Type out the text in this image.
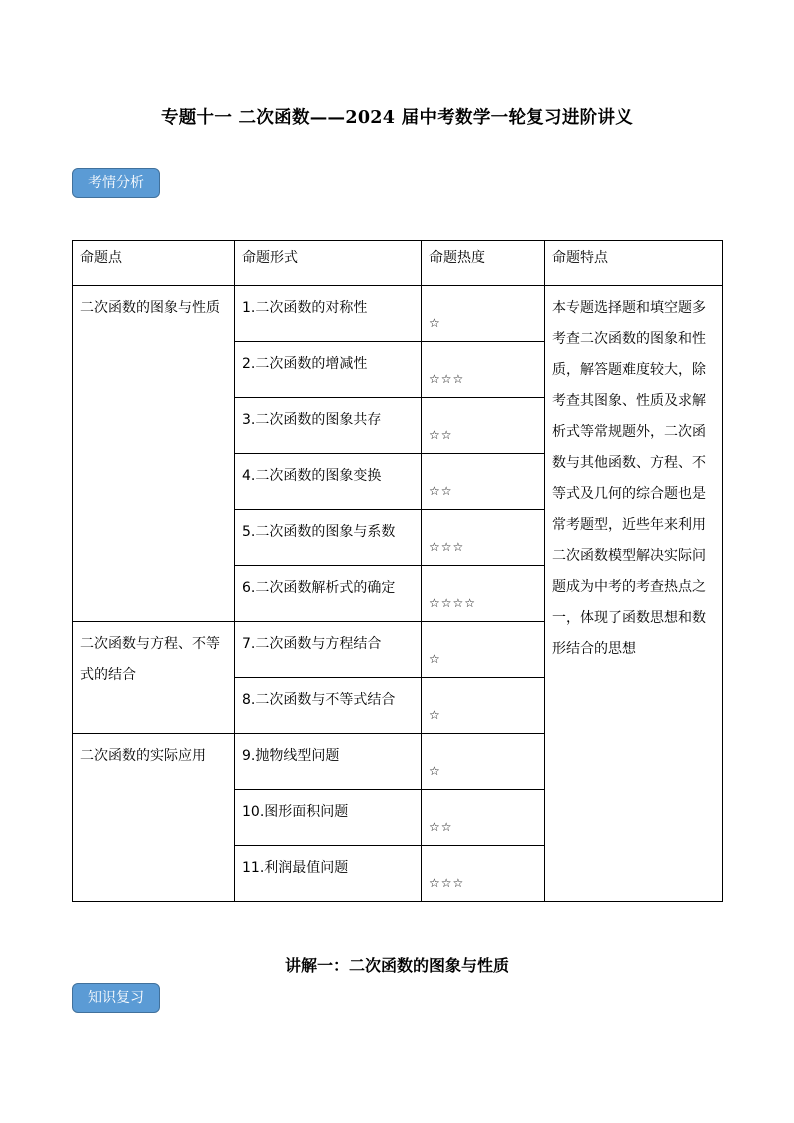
专题十一 二次函数——2024 届中考数学一轮复习进阶讲义
考情分析
命题点	命题形式	命题热度	命题特点

二次函数的图象与性质	1.二次函数的对称性	☆	本专题选择题和填空题多考查二次函数的图象和性质，解答题难度较大，除考查其图象、性质及求解析式等常规题外，二次函数与其他函数、方程、不等式及几何的综合题也是常考题型，近些年来利用二次函数模型解决实际问题成为中考的考查热点之一，体现了函数思想和数形结合的思想

	2.二次函数的增减性	☆☆☆	

	3.二次函数的图象共存	☆☆	

	4.二次函数的图象变换	☆☆	

	5.二次函数的图象与系数	☆☆☆	

	6.二次函数解析式的确定	☆☆☆☆	

二次函数与方程、不等式的结合	7.二次函数与方程结合	☆	

	8.二次函数与不等式结合	☆	

二次函数的实际应用	9.抛物线型问题	☆	

	10.图形面积问题	☆☆	

	11.利润最值问题	☆☆☆	
讲解一：二次函数的图象与性质
知识复习
